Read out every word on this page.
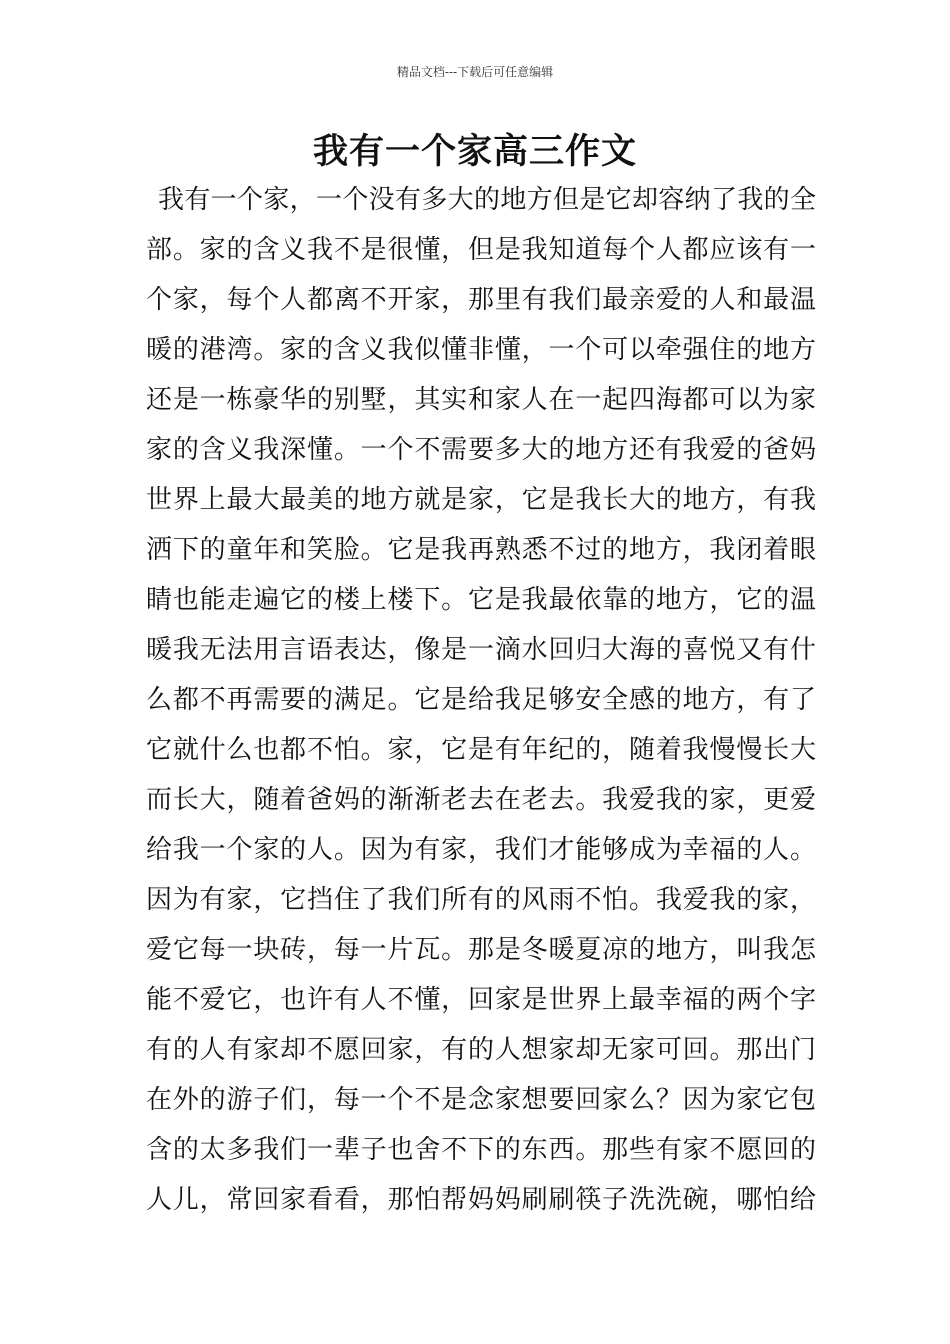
精品文档---下载后可任意编辑
我有一个家高三作文
我有一个家，一个没有多大的地方但是它却容纳了我的全
部。家的含义我不是很懂，但是我知道每个人都应该有一
个家，每个人都离不开家，那里有我们最亲爱的人和最温
暖的港湾。家的含义我似懂非懂，一个可以牵强住的地方
还是一栋豪华的别墅，其实和家人在一起四海都可以为家
家的含义我深懂。一个不需要多大的地方还有我爱的爸妈
世界上最大最美的地方就是家，它是我长大的地方，有我
洒下的童年和笑脸。它是我再熟悉不过的地方，我闭着眼
睛也能走遍它的楼上楼下。它是我最依靠的地方，它的温
暖我无法用言语表达，像是一滴水回归大海的喜悦又有什
么都不再需要的满足。它是给我足够安全感的地方，有了
它就什么也都不怕。家，它是有年纪的，随着我慢慢长大
而长大，随着爸妈的渐渐老去在老去。我爱我的家，更爱
给我一个家的人。因为有家，我们才能够成为幸福的人。
因为有家，它挡住了我们所有的风雨不怕。我爱我的家，
爱它每一块砖，每一片瓦。那是冬暖夏凉的地方，叫我怎
能不爱它，也许有人不懂，回家是世界上最幸福的两个字
有的人有家却不愿回家，有的人想家却无家可回。那出门
在外的游子们，每一个不是念家想要回家么？因为家它包
含的太多我们一辈子也舍不下的东西。那些有家不愿回的
人儿，常回家看看，那怕帮妈妈刷刷筷子洗洗碗，哪怕给
